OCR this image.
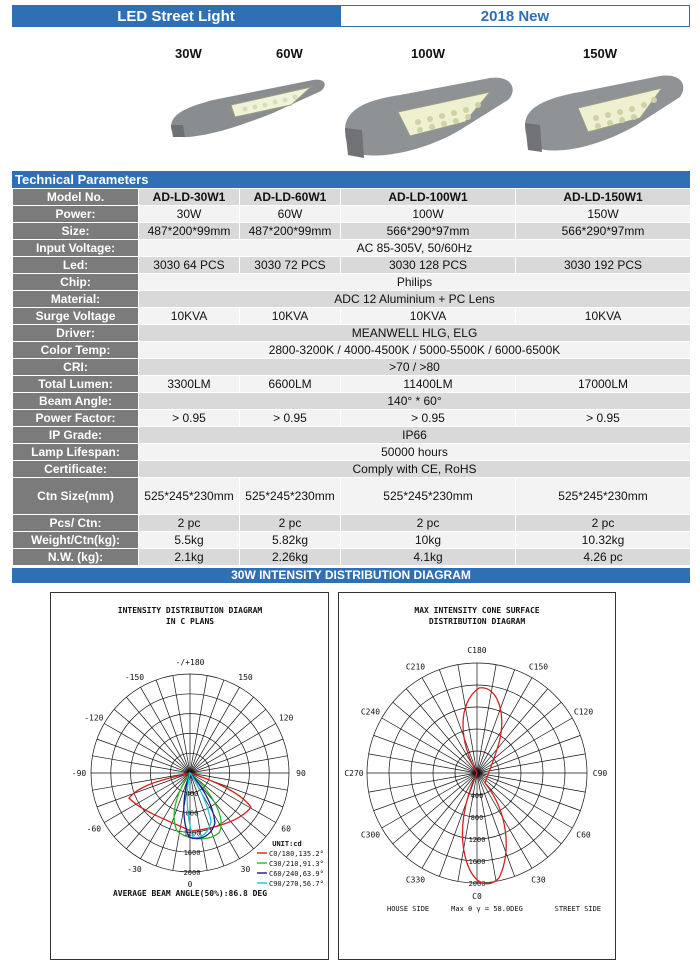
LED Street Light	2018 New
30W	60W	100W	150W
Technical Parameters
Model No.	AD-LD-30W1	AD-LD-60W1	AD-LD-100W1	AD-LD-150W1
Power:	30W	60W	100W	150W
Size:	487*200*99mm	487*200*99mm	566*290*97mm	566*290*97mm
Input Voltage:	AC 85-305V, 50/60Hz			
Led:	3030 64 PCS	3030 72 PCS	3030 128 PCS	3030 192 PCS
Chip:	Philips			
Material:	ADC 12 Aluminium + PC Lens			
Surge Voltage	10KVA	10KVA	10KVA	10KVA
Driver:	MEANWELL HLG, ELG			
Color Temp:	2800-3200K / 4000-4500K / 5000-5500K / 6000-6500K			
CRI:	>70 / >80			
Total Lumen:	3300LM	6600LM	11400LM	17000LM
Beam Angle:	140° * 60°			
Power Factor:	> 0.95	> 0.95	> 0.95	> 0.95
IP Grade:	IP66			
Lamp Lifespan:	50000 hours			
Certificate:	Comply with CE, RoHS			
Ctn Size(mm)	525*245*230mm	525*245*230mm	525*245*230mm	525*245*230mm
Pcs/ Ctn:	2 pc	2 pc	2 pc	2 pc
Weight/Ctn(kg):	5.5kg	5.82kg	10kg	10.32kg
N.W. (kg):	2.1kg	2.26kg	4.1kg	4.26 pc
30W INTENSITY DISTRIBUTION DIAGRAM
INTENSITY DISTRIBUTION DIAGRAM
IN C PLANS
-/+180
-150	150
-120	120
-90	90
-60	60
-30	30
0
400
800
1200
1600
2000
UNIT:cd
C0/180,135.2°
C30/210,91.3°
C60/240,63.9°
C90/270,56.7°
AVERAGE BEAM ANGLE(50%):86.8 DEG
MAX INTENSITY CONE SURFACE
DISTRIBUTION DIAGRAM
C180
C210	C150
C240	C120
C270	C90
C300	C60
C330	C30
C0
400
800
1200
1600
2000
HOUSE SIDE	Max θ γ = 58.0DEG	STREET SIDE
